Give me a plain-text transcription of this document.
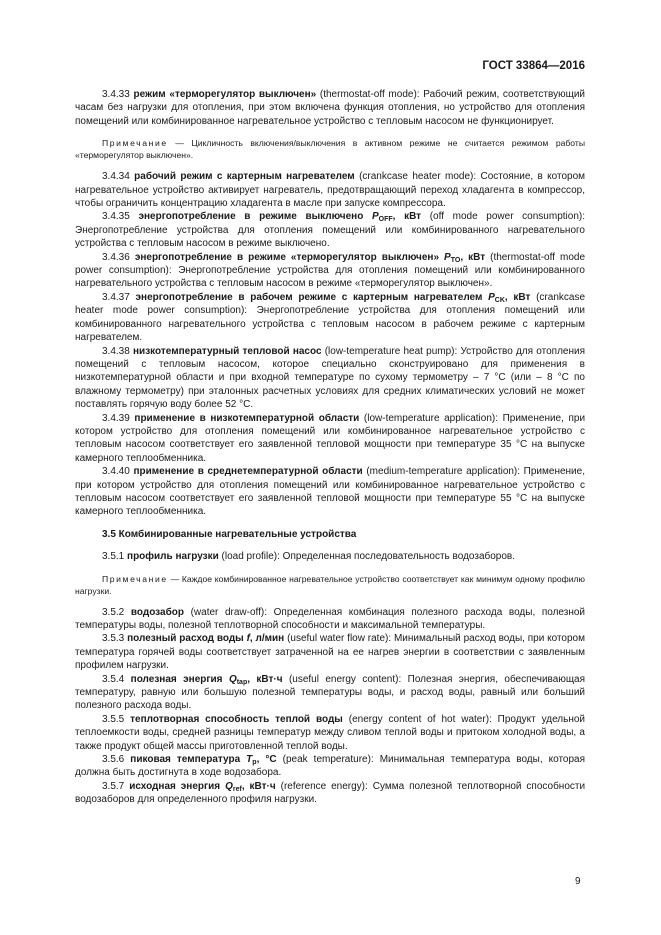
ГОСТ 33864—2016

3.4.33 режим «терморегулятор выключен» (thermostat-off mode): Рабочий режим, соответствующий часам без нагрузки для отопления, при этом включена функция отопления, но устройство для отопления помещений или комбинированное нагревательное устройство с тепловым насосом не функционирует.

Примечание — Цикличность включения/выключения в активном режиме не считается режимом работы «терморегулятор выключен».

3.4.34 рабочий режим с картерным нагревателем (crankcase heater mode): Состояние, в котором нагревательное устройство активирует нагреватель, предотвращающий переход хладагента в компрессор, чтобы ограничить концентрацию хладагента в масле при запуске компрессора.

3.4.35 энергопотребление в режиме выключено $P_{OFF}$, кВт (off mode power consumption): Энергопотребление устройства для отопления помещений или комбинированного нагревательного устройства с тепловым насосом в режиме выключено.

3.4.36 энергопотребление в режиме «терморегулятор выключен» $P_{TO}$, кВт (thermostat-off mode power consumption): Энергопотребление устройства для отопления помещений или комбинированного нагревательного устройства с тепловым насосом в режиме «терморегулятор выключен».

3.4.37 энергопотребление в рабочем режиме с картерным нагревателем $P_{CK}$, кВт (crankcase heater mode power consumption): Энергопотребление устройства для отопления помещений или комбинированного нагревательного устройства с тепловым насосом в рабочем режиме с картерным нагревателем.

3.4.38 низкотемпературный тепловой насос (low-temperature heat pump): Устройство для отопления помещений с тепловым насосом, которое специально сконструировано для применения в низкотемпературной области и при входной температуре по сухому термометру – 7 °С (или – 8 °С по влажному термометру) при эталонных расчетных условиях для средних климатических условий не может поставлять горячую воду более 52 °С.

3.4.39 применение в низкотемпературной области (low-temperature application): Применение, при котором устройство для отопления помещений или комбинированное нагревательное устройство с тепловым насосом соответствует его заявленной тепловой мощности при температуре 35 °С на выпуске камерного теплообменника.

3.4.40 применение в среднетемпературной области (medium-temperature application): Применение, при котором устройство для отопления помещений или комбинированное нагревательное устройство с тепловым насосом соответствует его заявленной тепловой мощности при температуре 55 °С на выпуске камерного теплообменника.

3.5 Комбинированные нагревательные устройства

3.5.1 профиль нагрузки (load profile): Определенная последовательность водозаборов.

Примечание — Каждое комбинированное нагревательное устройство соответствует как минимум одному профилю нагрузки.

3.5.2 водозабор (water draw-off): Определенная комбинация полезного расхода воды, полезной температуры воды, полезной теплотворной способности и максимальной температуры.

3.5.3 полезный расход воды f, л/мин (useful water flow rate): Минимальный расход воды, при котором температура горячей воды соответствует затраченной на ее нагрев энергии в соответствии с заявленным профилем нагрузки.

3.5.4 полезная энергия $Q_{tap}$, кВт·ч (useful energy content): Полезная энергия, обеспечивающая температуру, равную или большую полезной температуры воды, и расход воды, равный или больший полезного расхода воды.

3.5.5 теплотворная способность теплой воды (energy content of hot water): Продукт удельной теплоемкости воды, средней разницы температур между сливом теплой воды и притоком холодной воды, а также продукт общей массы приготовленной теплой воды.

3.5.6 пиковая температура $T_p$, °С (peak temperature): Минимальная температура воды, которая должна быть достигнута в ходе водозабора.

3.5.7 исходная энергия $Q_{ref}$, кВт·ч (reference energy): Сумма полезной теплотворной способности водозаборов для определенного профиля нагрузки.

9
